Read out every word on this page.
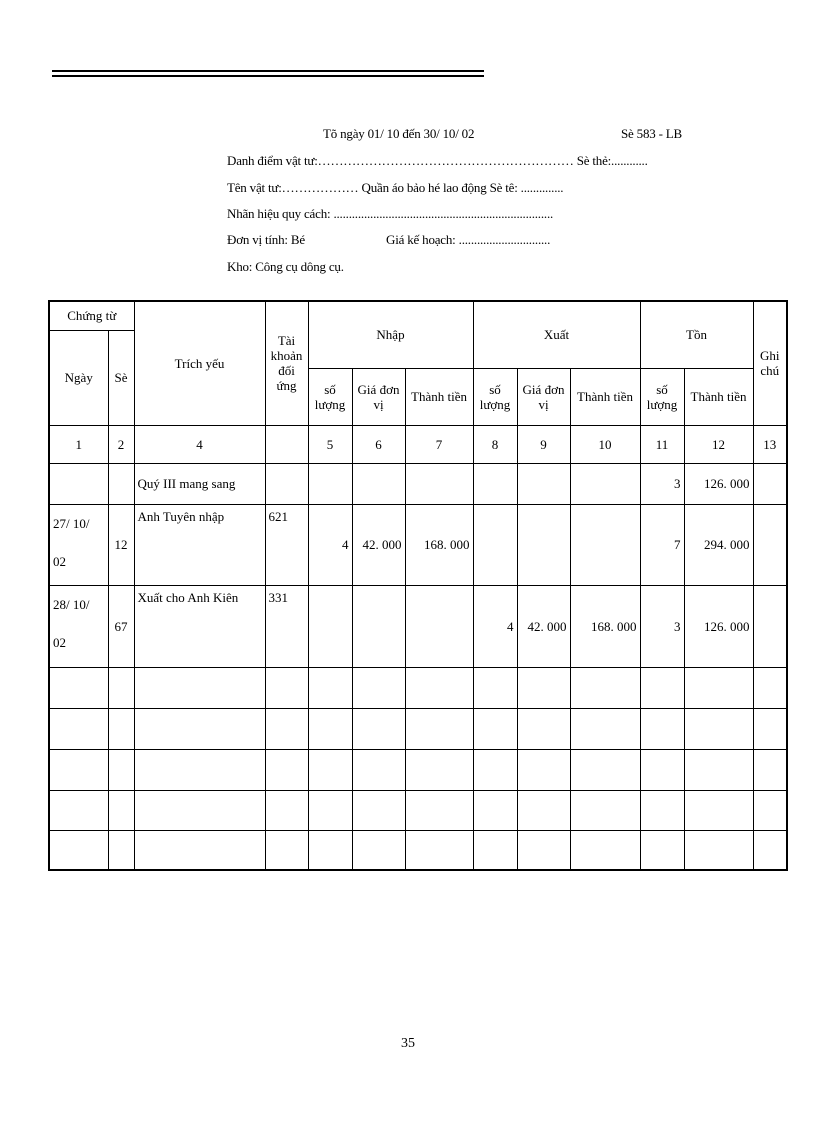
Tõ ngày 01/ 10 đến 30/ 10/ 02	Sè 583 - LB
Danh điểm vật tư:…………………………………………………… Sè thẻ:............
Tên vật tư:……………… Quần áo bảo hé lao động Sè tê: ..............
Nhãn hiệu quy cách: ........................................................................
Đơn vị tính: Bé	Giá kế hoạch: ..............................
Kho: Công cụ dông cụ.
Chứng từ		Trích yếu	Tài khoản đối ứng	Nhập			Xuất			Tồn		Ghi chú
Ngày	Sè											
				số lượng	Giá đơn vị	Thành tiền	số lượng	Giá đơn vị	Thành tiền	số lượng	Thành tiền	
1	2	4		5	6	7	8	9	10	11	12	13
		Quý III mang sang								3	126. 000	
27/ 10/ 02	12	Anh Tuyên nhập	621	4	42. 000	168. 000				7	294. 000	
28/ 10/ 02	67	Xuất cho Anh Kiên	331				4	42. 000	168. 000	3	126. 000	

35
